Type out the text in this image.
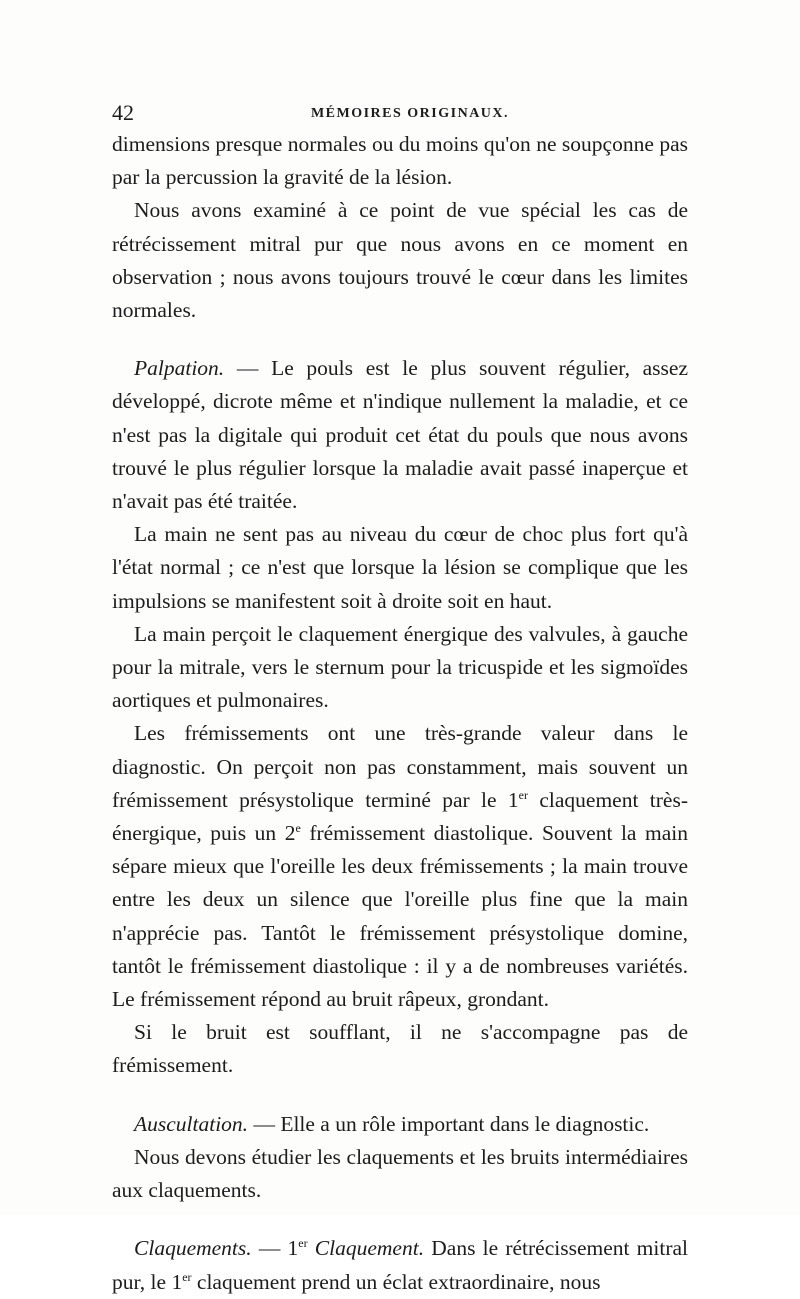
42	MÉMOIRES ORIGINAUX.

dimensions presque normales ou du moins qu'on ne soupçonne pas par la percussion la gravité de la lésion.

Nous avons examiné à ce point de vue spécial les cas de rétrécissement mitral pur que nous avons en ce moment en observation ; nous avons toujours trouvé le cœur dans les limites normales.

Palpation. — Le pouls est le plus souvent régulier, assez développé, dicrote même et n'indique nullement la maladie, et ce n'est pas la digitale qui produit cet état du pouls que nous avons trouvé le plus régulier lorsque la maladie avait passé inaperçue et n'avait pas été traitée.

La main ne sent pas au niveau du cœur de choc plus fort qu'à l'état normal ; ce n'est que lorsque la lésion se complique que les impulsions se manifestent soit à droite soit en haut.

La main perçoit le claquement énergique des valvules, à gauche pour la mitrale, vers le sternum pour la tricuspide et les sigmoïdes aortiques et pulmonaires.

Les frémissements ont une très-grande valeur dans le diagnostic. On perçoit non pas constamment, mais souvent un frémissement présystolique terminé par le 1er claquement très-énergique, puis un 2e frémissement diastolique. Souvent la main sépare mieux que l'oreille les deux frémissements ; la main trouve entre les deux un silence que l'oreille plus fine que la main n'apprécie pas. Tantôt le frémissement présystolique domine, tantôt le frémissement diastolique : il y a de nombreuses variétés. Le frémissement répond au bruit râpeux, grondant.

Si le bruit est soufflant, il ne s'accompagne pas de frémissement.

Auscultation. — Elle a un rôle important dans le diagnostic.

Nous devons étudier les claquements et les bruits intermédiaires aux claquements.

Claquements. — 1er Claquement. Dans le rétrécissement mitral pur, le 1er claquement prend un éclat extraordinaire, nous
